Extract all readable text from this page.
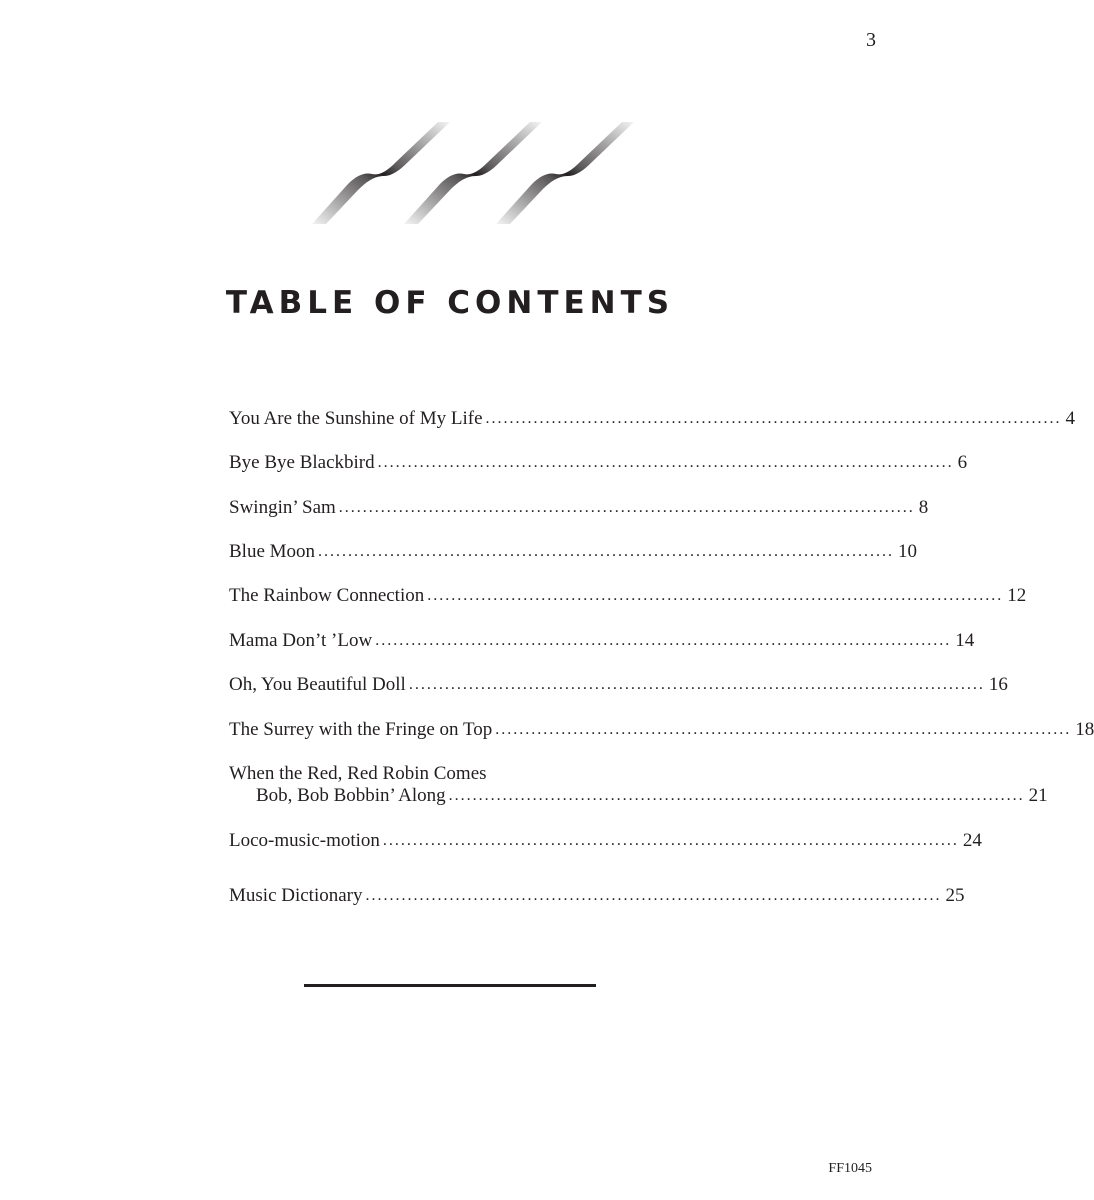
3
TABLE OF CONTENTS
You Are the Sunshine of My Life ................................................................................................ 4
Bye Bye Blackbird ................................................................................................ 6
Swingin’ Sam ................................................................................................ 8
Blue Moon ................................................................................................ 10
The Rainbow Connection ................................................................................................ 12
Mama Don’t ’Low ................................................................................................ 14
Oh, You Beautiful Doll ................................................................................................ 16
The Surrey with the Fringe on Top ................................................................................................ 18
When the Red, Red Robin Comes
Bob, Bob Bobbin’ Along ................................................................................................ 21
Loco-music-motion ................................................................................................ 24
Music Dictionary ................................................................................................ 25
FF1045
